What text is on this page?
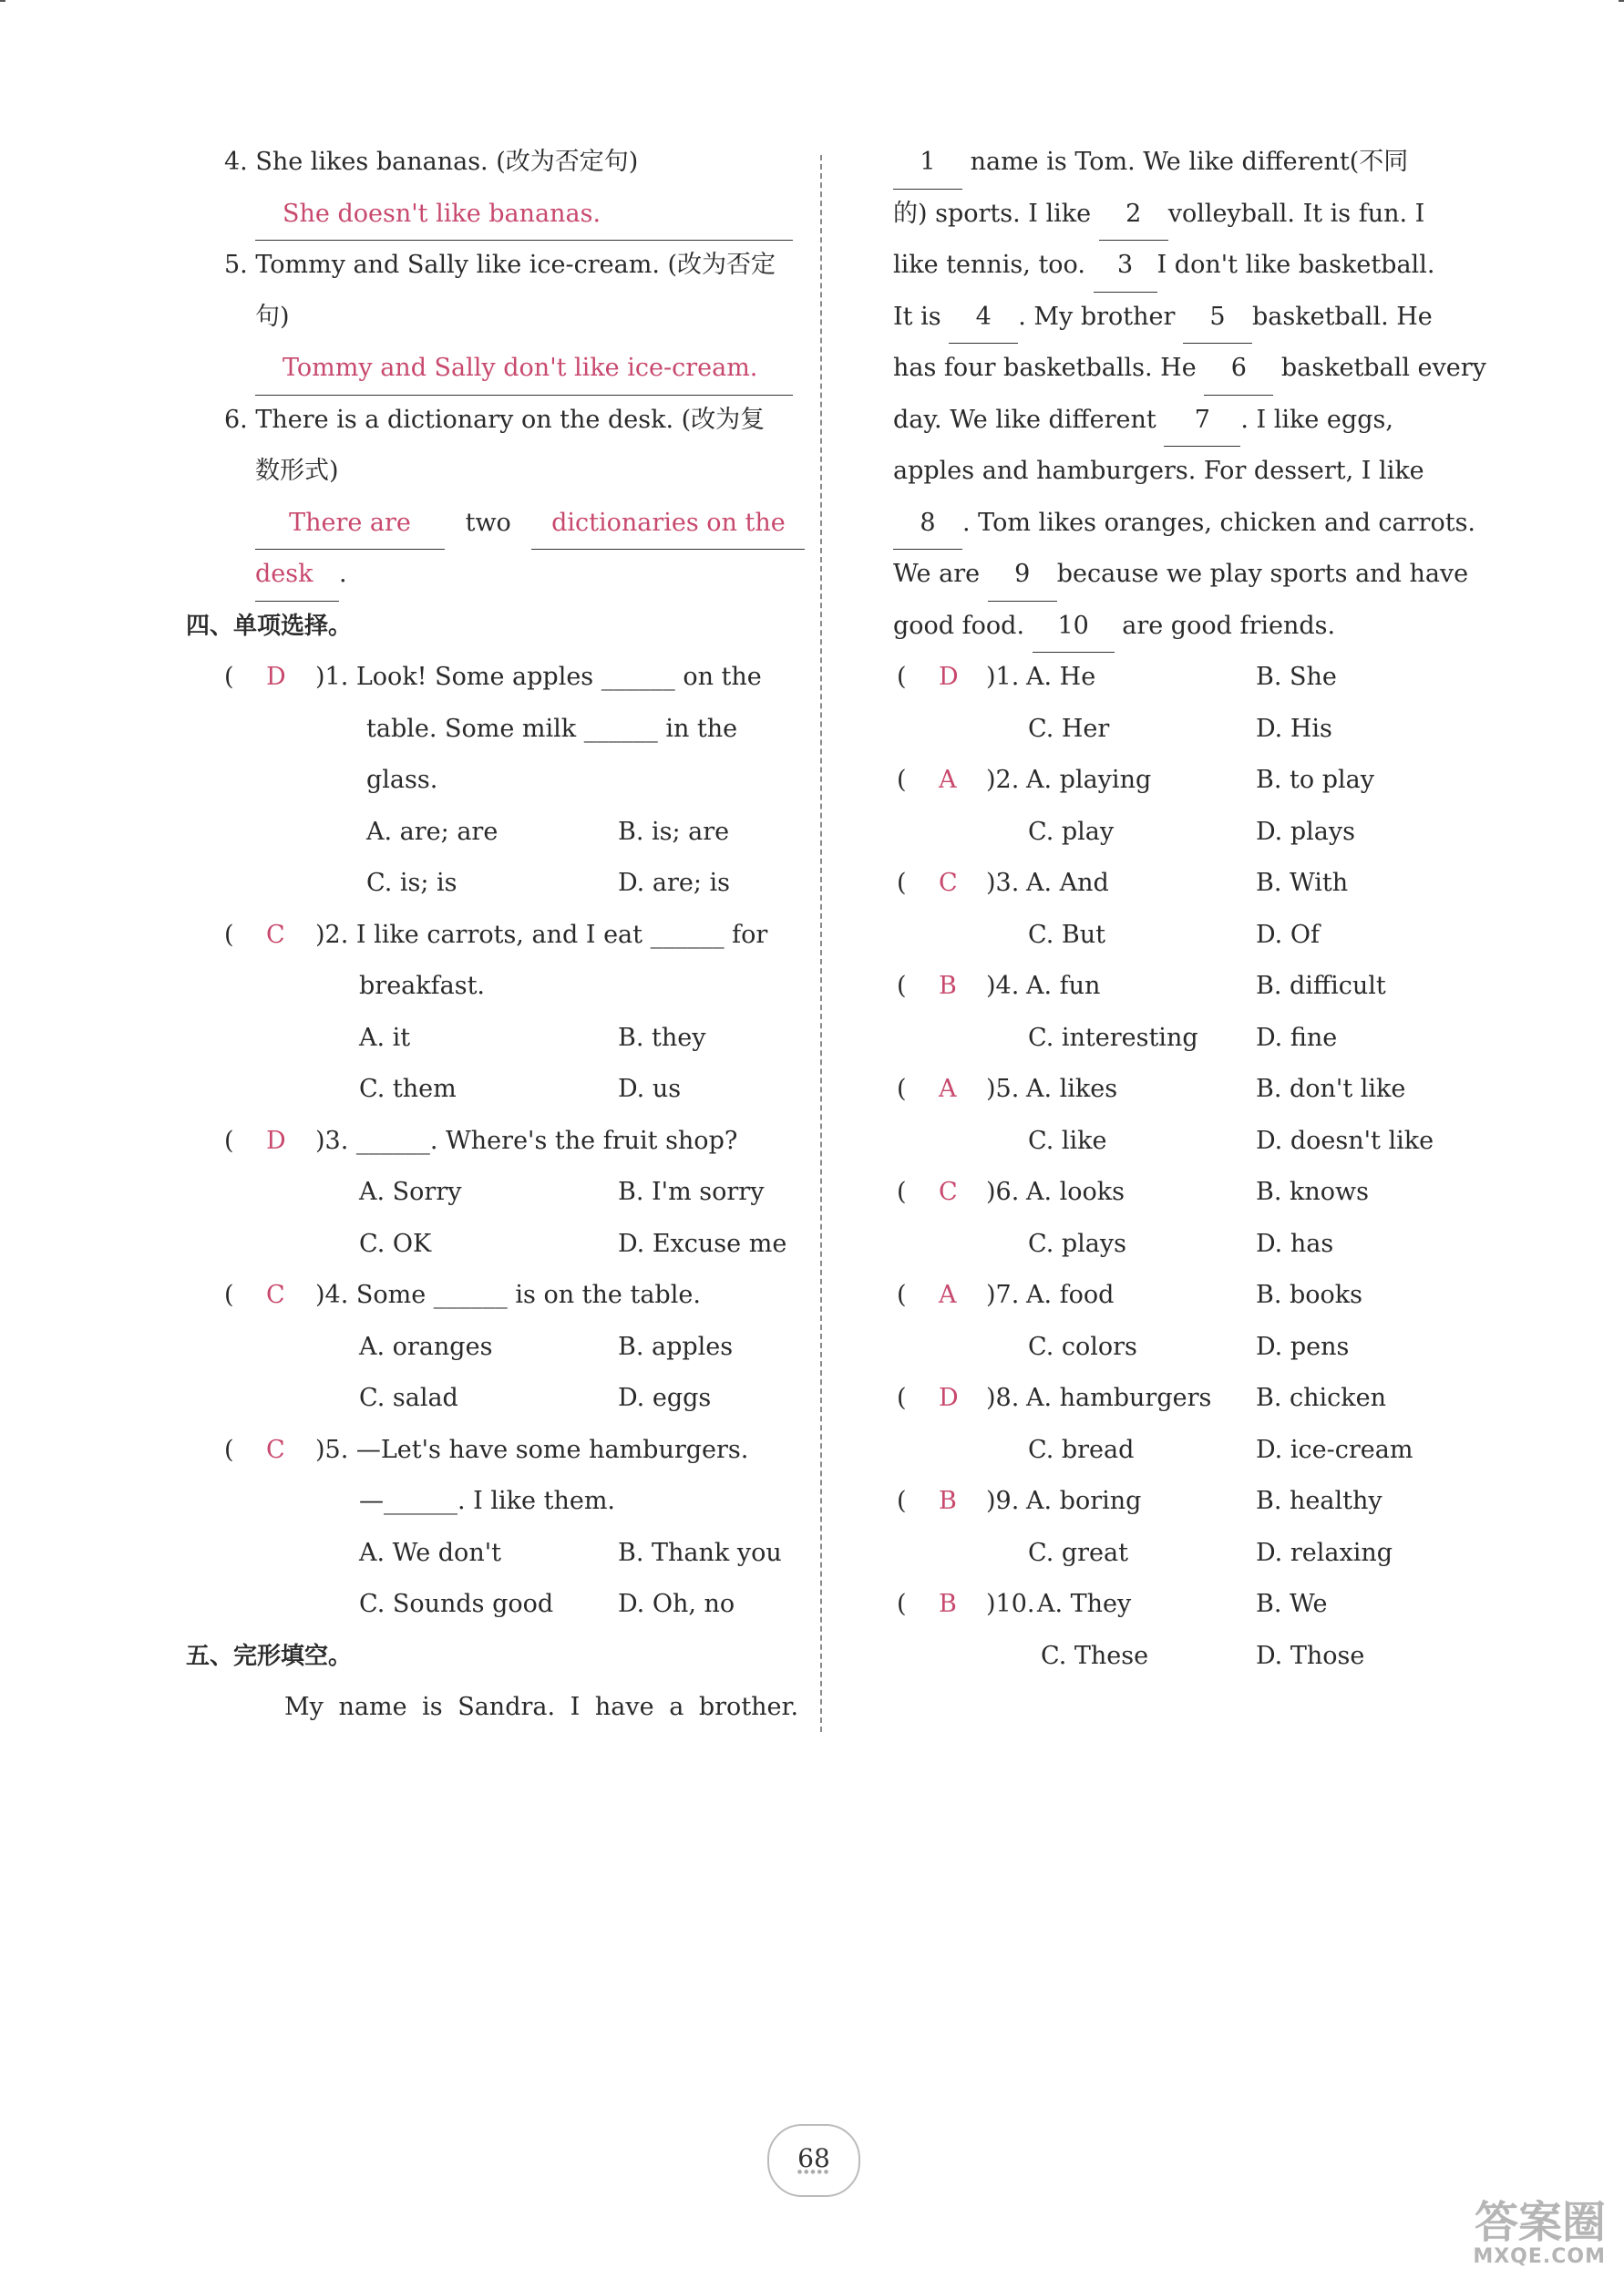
4. She likes bananas. (改为否定句)
She doesn't like bananas.
5. Tommy and Sally like ice-cream. (改为否定
句)
Tommy and Sally don't like ice-cream.
6. There is a dictionary on the desk. (改为复
数形式)
There are two dictionaries on the
desk .
四、单项选择。
( D )1. Look! Some apples ______ on the
table. Some milk ______ in the
glass.
A. are; are	B. is; are
C. is; is	D. are; is
( C )2. I like carrots, and I eat ______ for
breakfast.
A. it	B. they
C. them	D. us
( D )3. ______. Where's the fruit shop?
A. Sorry	B. I'm sorry
C. OK	D. Excuse me
( C )4. Some ______ is on the table.
A. oranges	B. apples
C. salad	D. eggs
( C )5. —Let's have some hamburgers.
—______. I like them.
A. We don't	B. Thank you
C. Sounds good	D. Oh, no
五、完形填空。
My name is Sandra. I have a brother.
1 name is Tom. We like different(不同
的) sports. I like 2 volleyball. It is fun. I
like tennis, too. 3 I don't like basketball.
It is 4 . My brother 5 basketball. He
has four basketballs. He 6 basketball every
day. We like different 7 . I like eggs,
apples and hamburgers. For dessert, I like
8 . Tom likes oranges, chicken and carrots.
We are 9 because we play sports and have
good food. 10 are good friends.
( D )1. A. He	B. She
C. Her	D. His
( A )2. A. playing	B. to play
C. play	D. plays
( C )3. A. And	B. With
C. But	D. Of
( B )4. A. fun	B. difficult
C. interesting D. fine
( A )5. A. likes	B. don't like
C. like	D. doesn't like
( C )6. A. looks	B. knows
C. plays	D. has
( A )7. A. food	B. books
C. colors	D. pens
( D )8. A. hamburgers B. chicken
C. bread	D. ice-cream
( B )9. A. boring	B. healthy
C. great	D. relaxing
( B )10. A. They	B. We
C. These	D. Those
68 ●●●●●
答案圈
MXQE.COM
